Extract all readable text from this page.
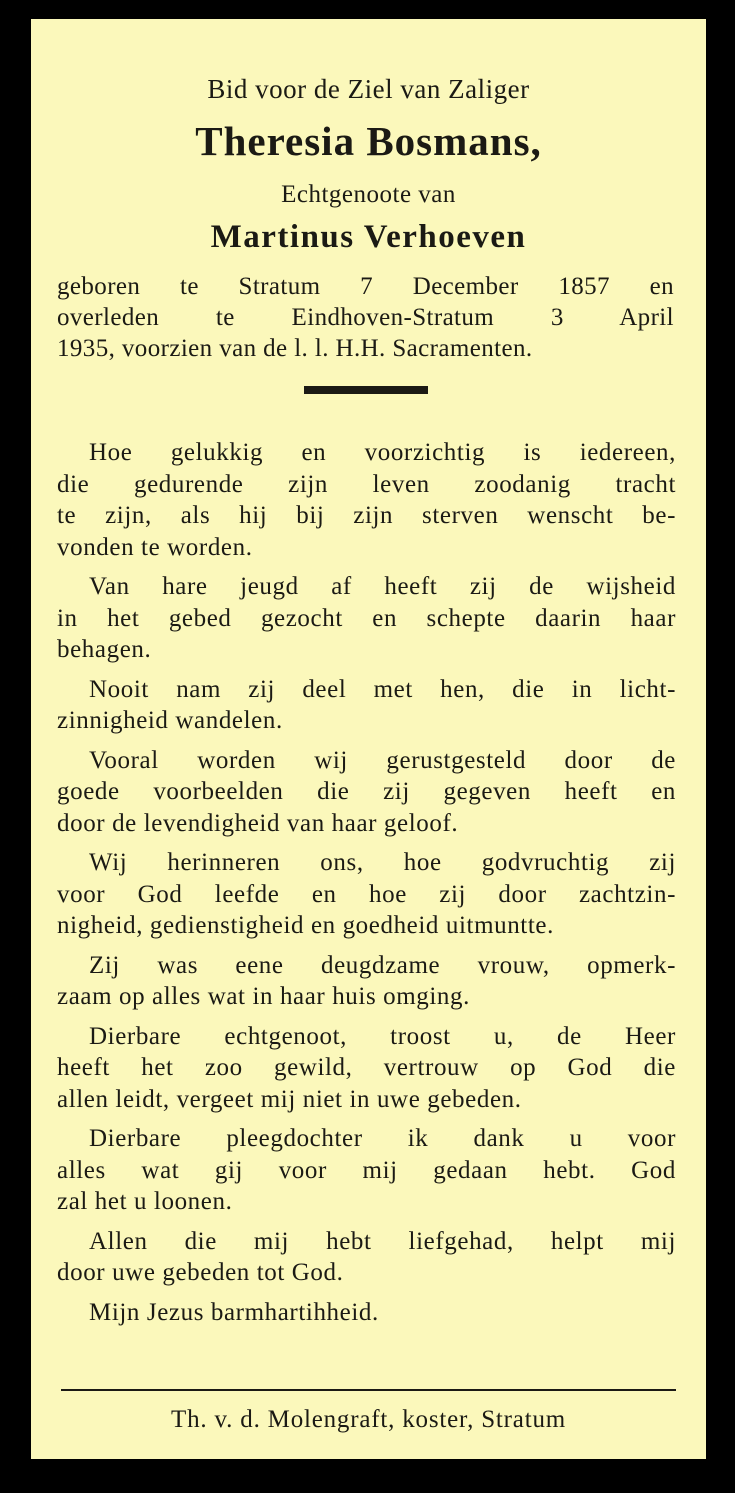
Bid voor de Ziel van Zaliger
Theresia Bosmans,
Echtgenoote van
Martinus Verhoeven
geboren te Stratum 7 December 1857 en
overleden te Eindhoven-Stratum 3 April
1935, voorzien van de l. l. H.H. Sacramenten.
Hoe gelukkig en voorzichtig is iedereen,
die gedurende zijn leven zoodanig tracht
te zijn, als hij bij zijn sterven wenscht be-
vonden te worden.
Van hare jeugd af heeft zij de wijsheid
in het gebed gezocht en schepte daarin haar
behagen.
Nooit nam zij deel met hen, die in licht-
zinnigheid wandelen.
Vooral worden wij gerustgesteld door de
goede voorbeelden die zij gegeven heeft en
door de levendigheid van haar geloof.
Wij herinneren ons, hoe godvruchtig zij
voor God leefde en hoe zij door zachtzin-
nigheid, gedienstigheid en goedheid uitmuntte.
Zij was eene deugdzame vrouw, opmerk-
zaam op alles wat in haar huis omging.
Dierbare echtgenoot, troost u, de Heer
heeft het zoo gewild, vertrouw op God die
allen leidt, vergeet mij niet in uwe gebeden.
Dierbare pleegdochter ik dank u voor
alles wat gij voor mij gedaan hebt. God
zal het u loonen.
Allen die mij hebt liefgehad, helpt mij
door uwe gebeden tot God.
Mijn Jezus barmhartihheid.
Th. v. d. Molengraft, koster, Stratum
